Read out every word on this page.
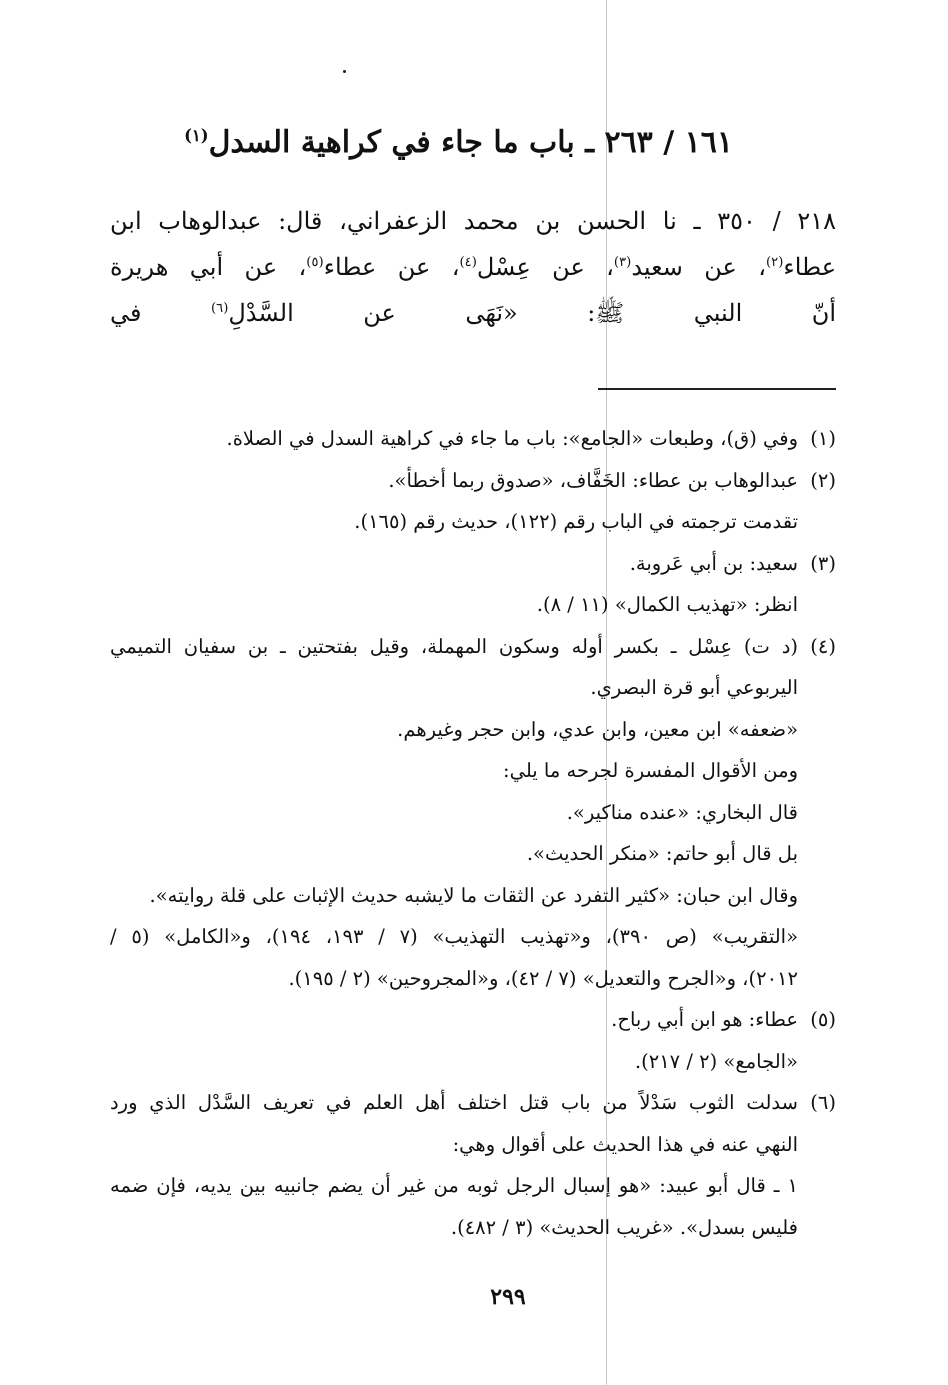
١٦١ / ٢٦٣ ـ باب ما جاء في كراهية السدل$^{(١)}$
٢١٨ / ٣٥٠ ـ نا الحسن بن محمد الزعفراني، قال: عبدالوهاب ابن
عطاء$^{(٢)}$، عن سعيد$^{(٣)}$، عن عِسْل$^{(٤)}$، عن عطاء$^{(٥)}$، عن أبي هريرة
أنّ النبي ﷺ: «نَهَى عن السَّدْلِ$^{(٦)}$ في
(١)وفي (ق)، وطبعات «الجامع»: باب ما جاء في كراهية السدل في الصلاة.
(٢)عبدالوهاب بن عطاء: الخَفَّاف، «صدوق ربما أخطأ».
تقدمت ترجمته في الباب رقم (١٢٢)، حديث رقم (١٦٥).
(٣)سعيد: بن أبي عَروبة.
انظر: «تهذيب الكمال» (١١ / ٨).
(٤)(د ت) عِسْل ـ بكسر أوله وسكون المهملة، وقيل بفتحتين ـ بن سفيان التميمي
اليربوعي أبو قرة البصري.
«ضعفه» ابن معين، وابن عدي، وابن حجر وغيرهم.
ومن الأقوال المفسرة لجرحه ما يلي:
قال البخاري: «عنده مناكير».
بل قال أبو حاتم: «منكر الحديث».
وقال ابن حبان: «كثير التفرد عن الثقات ما لايشبه حديث الإثبات على قلة روايته».
«التقريب» (ص ٣٩٠)، و«تهذيب التهذيب» (٧ / ١٩٣، ١٩٤)، و«الكامل» (٥ /
٢٠١٢)، و«الجرح والتعديل» (٧ / ٤٢)، و«المجروحين» (٢ / ١٩٥).
(٥)عطاء: هو ابن أبي رباح.
«الجامع» (٢ / ٢١٧).
(٦)سدلت الثوب سَدْلاً من باب قتل اختلف أهل العلم في تعريف السَّدْل الذي ورد
النهي عنه في هذا الحديث على أقوال وهي:
١ ـ قال أبو عبيد: «هو إسبال الرجل ثوبه من غير أن يضم جانبيه بين يديه، فإن ضمه
فليس بسدل». «غريب الحديث» (٣ / ٤٨٢).
٢٩٩
